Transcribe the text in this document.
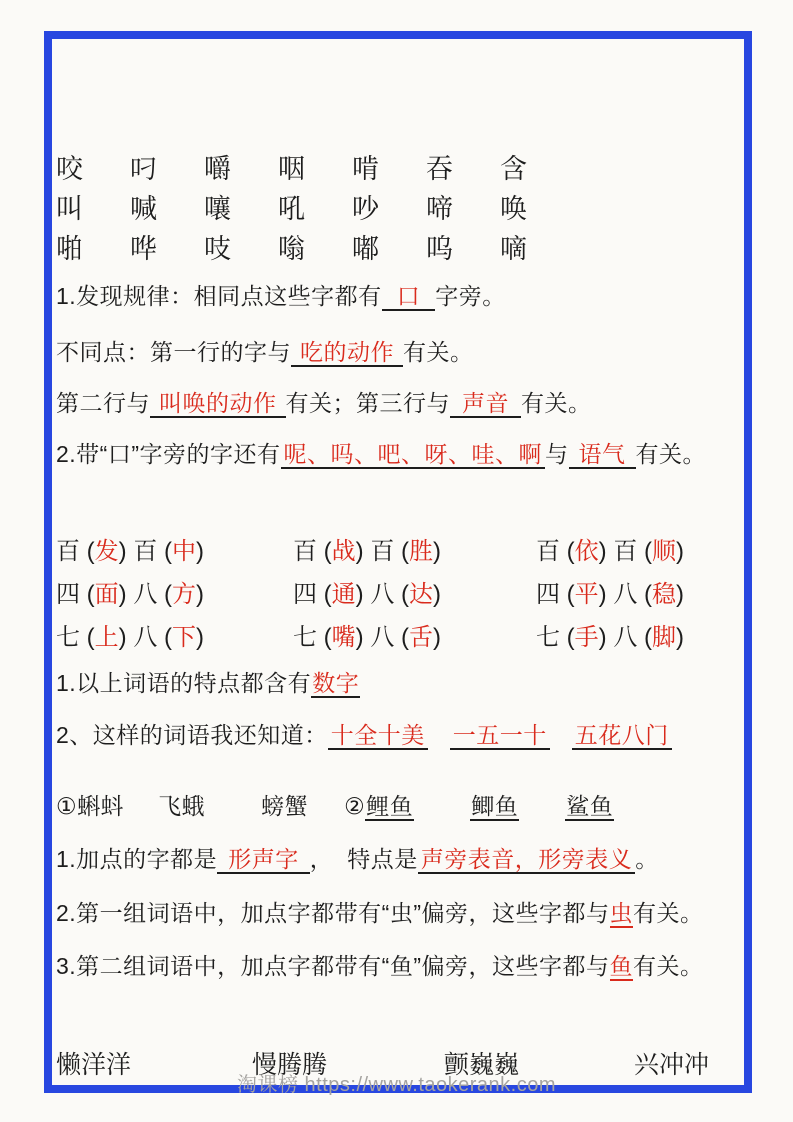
咬 叼 嚼 咽 啃 吞 含
叫 喊 嚷 吼 吵 啼 唤
啪 哗 吱 嗡 嘟 呜 嘀
1.发现规律：相同点这些字都有 口 字旁。
不同点：第一行的字与 吃的动作 有关。
第二行与 叫唤的动作 有关；第三行与 声音 有关。
2.带“口”字旁的字还有 呢、吗、吧、呀、哇、啊 与 语气 有关。
百 (发) 百 (中)	百 (战) 百 (胜)	百 (依) 百 (顺)
四 (面) 八 (方)	四 (通) 八 (达)	四 (平) 八 (稳)
七 (上) 八 (下)	七 (嘴) 八 (舌)	七 (手) 八 (脚)
1.以上词语的特点都含有数字
2、这样的词语我还知道： 十全十美 一五一十 五花八门
①蝌蚪 飞蛾 螃蟹 ②鲤鱼	鲫鱼 鲨鱼
1.加点的字都是 形声字 ， 特点是 声旁表音，形旁表义 。
2.第一组词语中，加点字都带有“虫”偏旁，这些字都与虫有关。
3.第二组词语中，加点字都带有“鱼”偏旁，这些字都与鱼有关。
懒洋洋	慢腾腾	颤巍巍	兴冲冲
淘课榜 https://www.taokerank.com
